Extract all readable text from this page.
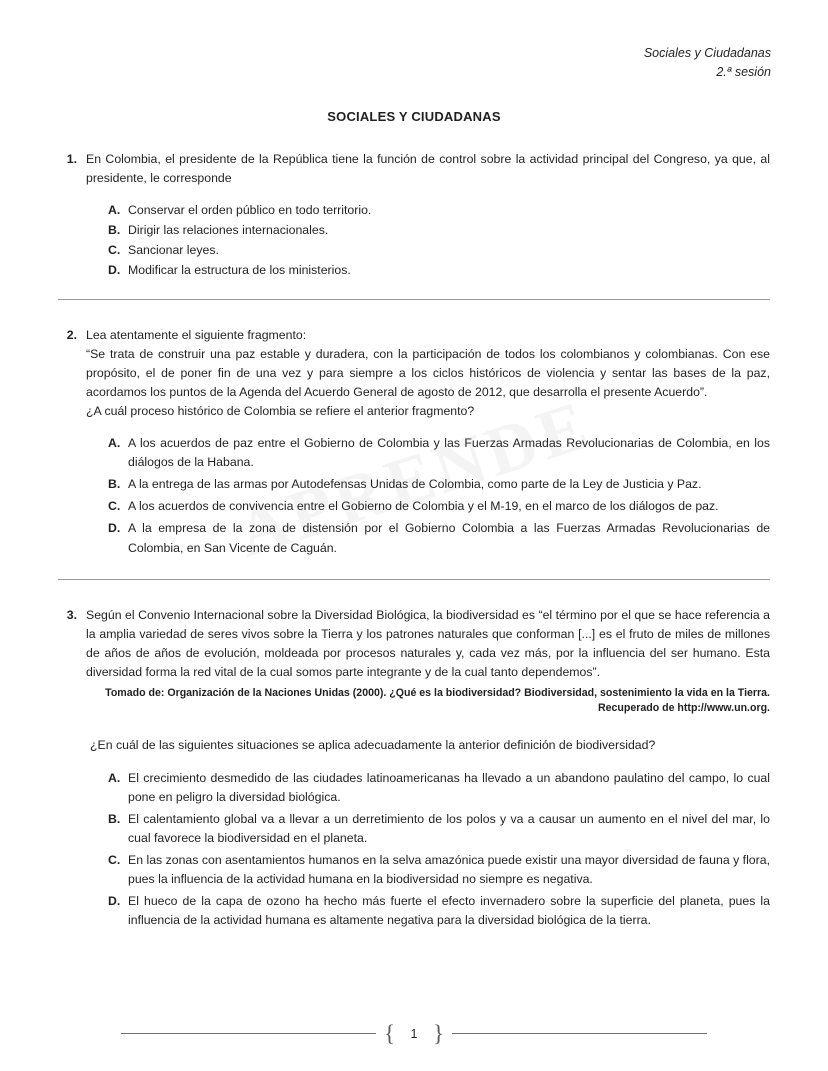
Sociales y Ciudadanas
2.ª sesión
SOCIALES Y CIUDADANAS
1. En Colombia, el presidente de la República tiene la función de control sobre la actividad principal del Congreso, ya que, al presidente, le corresponde

A. Conservar el orden público en todo territorio.
B. Dirigir las relaciones internacionales.
C. Sancionar leyes.
D. Modificar la estructura de los ministerios.
2. Lea atentamente el siguiente fragmento:

“Se trata de construir una paz estable y duradera, con la participación de todos los colombianos y colombianas. Con ese propósito, el de poner fin de una vez y para siempre a los ciclos históricos de violencia y sentar las bases de la paz, acordamos los puntos de la Agenda del Acuerdo General de agosto de 2012, que desarrolla el presente Acuerdo”.

¿A cuál proceso histórico de Colombia se refiere el anterior fragmento?

A. A los acuerdos de paz entre el Gobierno de Colombia y las Fuerzas Armadas Revolucionarias de Colombia, en los diálogos de la Habana.
B. A la entrega de las armas por Autodefensas Unidas de Colombia, como parte de la Ley de Justicia y Paz.
C. A los acuerdos de convivencia entre el Gobierno de Colombia y el M-19, en el marco de los diálogos de paz.
D. A la empresa de la zona de distensión por el Gobierno Colombia a las Fuerzas Armadas Revolucionarias de Colombia, en San Vicente de Caguán.
3. Según el Convenio Internacional sobre la Diversidad Biológica, la biodiversidad es “el término por el que se hace referencia a la amplia variedad de seres vivos sobre la Tierra y los patrones naturales que conforman [...] es el fruto de miles de millones de años de años de evolución, moldeada por procesos naturales y, cada vez más, por la influencia del ser humano. Esta diversidad forma la red vital de la cual somos parte integrante y de la cual tanto dependemos”.

Tomado de: Organización de la Naciones Unidas (2000). ¿Qué es la biodiversidad? Biodiversidad, sostenimiento la vida en la Tierra. Recuperado de http://www.un.org.

¿En cuál de las siguientes situaciones se aplica adecuadamente la anterior definición de biodiversidad?

A. El crecimiento desmedido de las ciudades latinoamericanas ha llevado a un abandono paulatino del campo, lo cual pone en peligro la diversidad biológica.
B. El calentamiento global va a llevar a un derretimiento de los polos y va a causar un aumento en el nivel del mar, lo cual favorece la biodiversidad en el planeta.
C. En las zonas con asentamientos humanos en la selva amazónica puede existir una mayor diversidad de fauna y flora, pues la influencia de la actividad humana en la biodiversidad no siempre es negativa.
D. El hueco de la capa de ozono ha hecho más fuerte el efecto invernadero sobre la superficie del planeta, pues la influencia de la actividad humana es altamente negativa para la diversidad biológica de la tierra.
{	1 }
